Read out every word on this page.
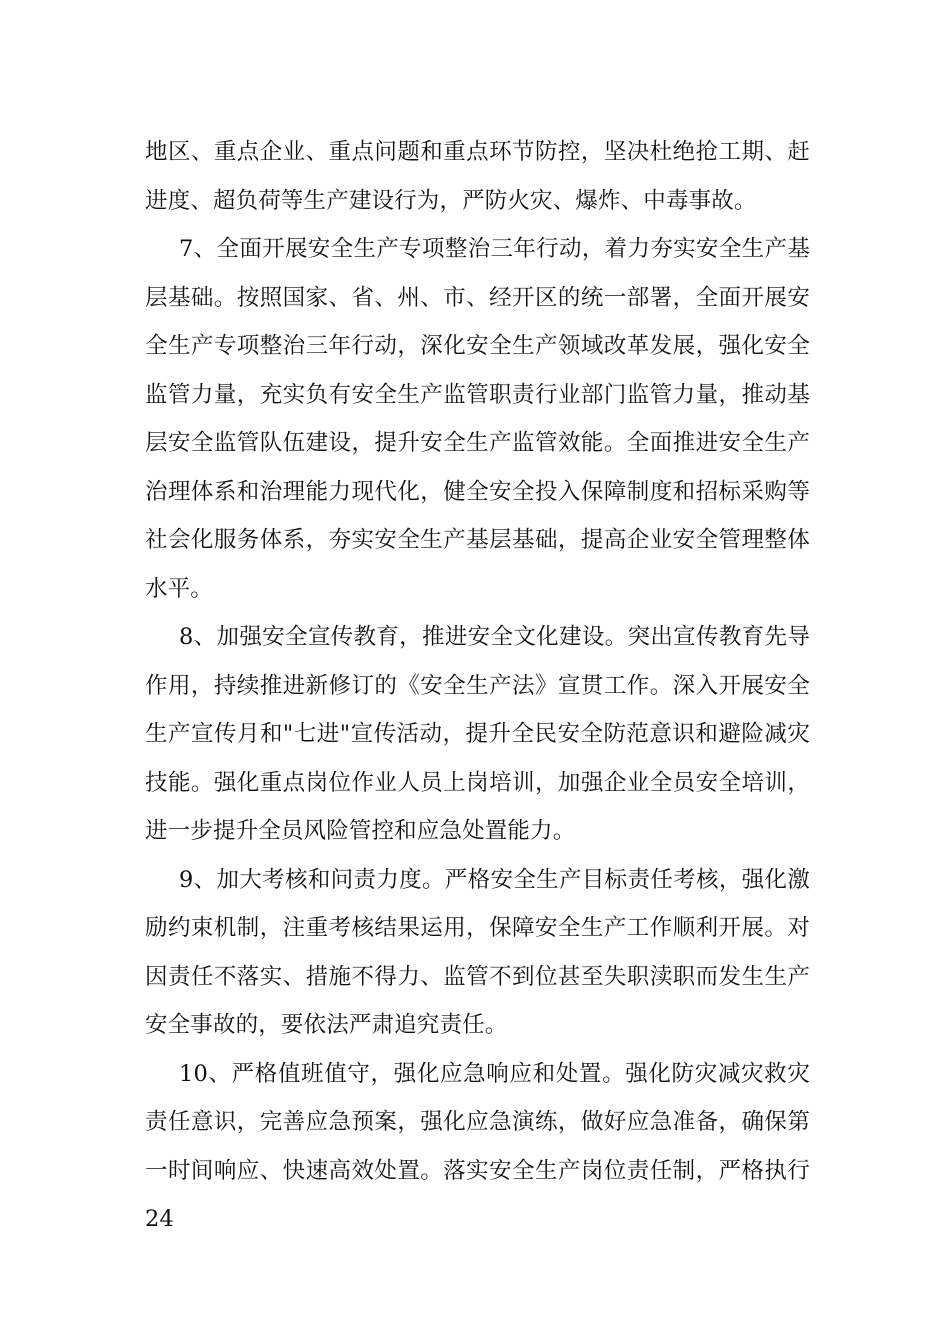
地区、重点企业、重点问题和重点环节防控，坚决杜绝抢工期、赶进度、超负荷等生产建设行为，严防火灾、爆炸、中毒事故。

7、全面开展安全生产专项整治三年行动，着力夯实安全生产基层基础。按照国家、省、州、市、经开区的统一部署，全面开展安全生产专项整治三年行动，深化安全生产领域改革发展，强化安全监管力量，充实负有安全生产监管职责行业部门监管力量，推动基层安全监管队伍建设，提升安全生产监管效能。全面推进安全生产治理体系和治理能力现代化，健全安全投入保障制度和招标采购等社会化服务体系，夯实安全生产基层基础，提高企业安全管理整体水平。

8、加强安全宣传教育，推进安全文化建设。突出宣传教育先导作用，持续推进新修订的《安全生产法》宣贯工作。深入开展安全生产宣传月和"七进"宣传活动，提升全民安全防范意识和避险减灾技能。强化重点岗位作业人员上岗培训，加强企业全员安全培训，进一步提升全员风险管控和应急处置能力。

9、加大考核和问责力度。严格安全生产目标责任考核，强化激励约束机制，注重考核结果运用，保障安全生产工作顺利开展。对因责任不落实、措施不得力、监管不到位甚至失职渎职而发生生产安全事故的，要依法严肃追究责任。

10、严格值班值守，强化应急响应和处置。强化防灾减灾救灾责任意识，完善应急预案，强化应急演练，做好应急准备，确保第一时间响应、快速高效处置。落实安全生产岗位责任制，严格执行 24
